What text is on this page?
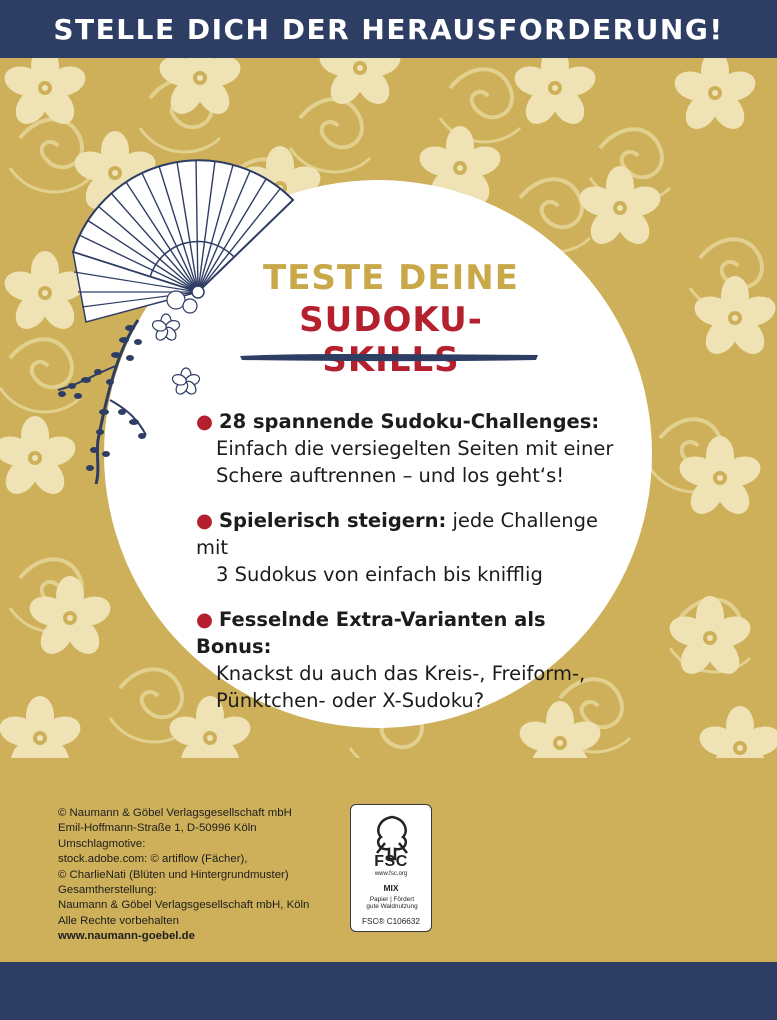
STELLE DICH DER HERAUSFORDERUNG!
TESTE DEINE
SUDOKU-
● 28 spannende Sudoku-Challenges:
Einfach die versiegelten Seiten mit einer
Schere auftrennen – und los geht‘s!
● Spielerisch steigern: jede Challenge mit
3 Sudokus von einfach bis knifflig
● Fesselnde Extra-Varianten als Bonus:
Knackst du auch das Kreis-, Freiform-,
Pünktchen- oder X-Sudoku?
© Naumann & Göbel Verlagsgesellschaft mbH
Emil-Hoffmann-Straße 1, D-50996 Köln
Umschlagmotive:
stock.adobe.com: © artiflow (Fächer),
© CharlieNati (Blüten und Hintergrundmuster)
Gesamtherstellung:
Naumann & Göbel Verlagsgesellschaft mbH, Köln
Alle Rechte vorbehalten
www.naumann-goebel.de
FSC
www.fsc.org
MIX
Papier | Fördert
gute Waldnutzung
FSC® C106632
